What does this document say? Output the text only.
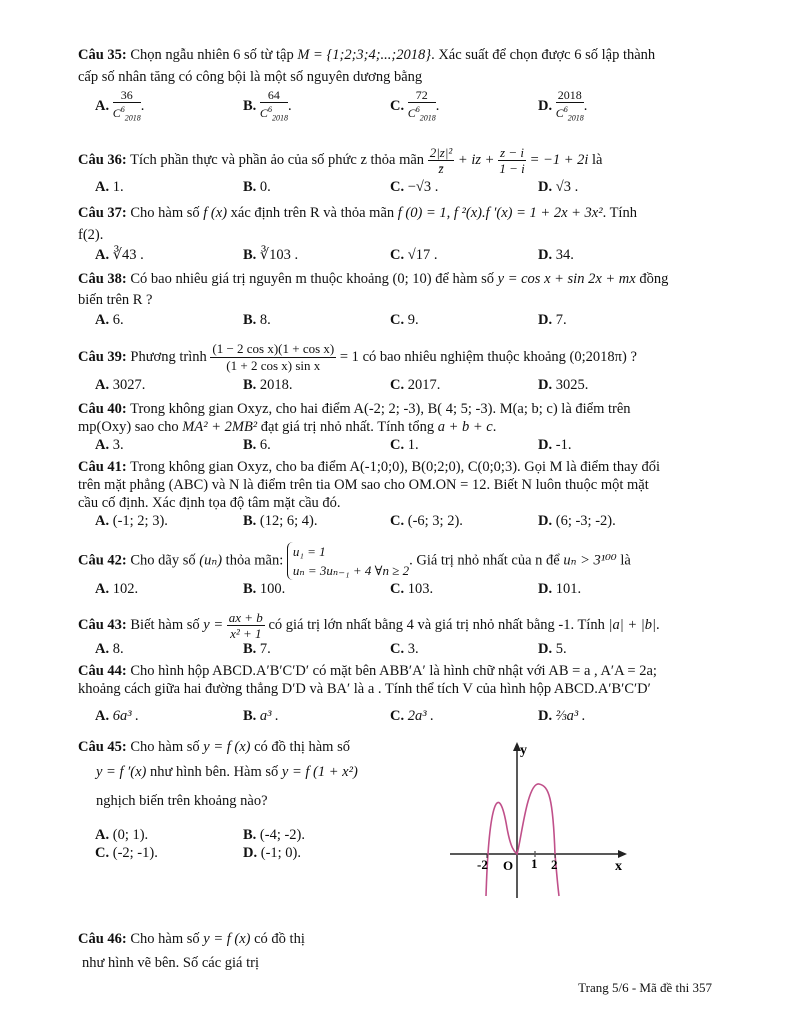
Câu 35: Chọn ngẫu nhiên 6 số từ tập M = {1;2;3;4;...;2018}. Xác suất để chọn được 6 số lập thành
cấp số nhân tăng có công bội là một số nguyên dương bằng
A. $\frac{36}{C^6_{2018}}$ .	B. $\frac{64}{C^6_{2018}}$ .	C. $\frac{72}{C^6_{2018}}$ .	D. $\frac{2018}{C^6_{2018}}$ .
Câu 36: Tích phần thực và phần ảo của số phức z thỏa mãn $\frac{\text{2|z|²}}{z̄}$ + iz + $\frac{z - i}{1 - i} = -1 + 2i$ là
A. 1.	B. 0.	C. −√3 .	D. √3 .
Câu 37: Cho hàm số f (x) xác định trên R và thỏa mãn f (0) = 1, f ²(x).f ′(x) = 1 + 2x + 3x². Tính
f(2).
A. ∛43 .	B. ∛103 .	C. √17 .	D. 34.
Câu 38: Có bao nhiêu giá trị nguyên m thuộc khoảng (0; 10) để hàm số y = cos x + sin 2x + mx đồng
biến trên R ?
A. 6.	B. 8.	C. 9.	D. 7.
Câu 39: Phương trình $\frac{\text{(1 − 2 cos x)(1 + cos x)}}{\text{(1 + 2 cos x) sin x}} = 1$ có bao nhiêu nghiệm thuộc khoảng (0;2018π) ?
A. 3027.	B. 2018.	C. 2017.	D. 3025.
Câu 40: Trong không gian Oxyz, cho hai điểm A(-2; 2; -3), B( 4; 5; -3). M(a; b; c) là điểm trên
mp(Oxy) sao cho MA² + 2MB² đạt giá trị nhỏ nhất. Tính tổng a + b + c.
A. 3.	B. 6.	C. 1.	D. -1.
Câu 41: Trong không gian Oxyz, cho ba điểm A(-1;0;0), B(0;2;0), C(0;0;3). Gọi M là điểm thay đổi
trên mặt phẳng (ABC) và N là điểm trên tia OM sao cho OM.ON = 12. Biết N luôn thuộc một mặt
cầu cố định. Xác định tọa độ tâm mặt cầu đó.
A. (-1; 2; 3).	B. (12; 6; 4).	C. (-6; 3; 2).	D. (6; -3; -2).
Câu 42: Cho dãy số (uₙ) thỏa mãn:
u₁ = 1
uₙ = 3uₙ₋₁ + 4 ∀n ≥ 2
. Giá trị nhỏ nhất của n để uₙ > 3¹⁰⁰ là
A. 102.	B. 100.	C. 103.	D. 101.
Câu 43: Biết hàm số $y = \frac{ax + b}{\text{x² + 1}}$ có giá trị lớn nhất bằng 4 và giá trị nhỏ nhất bằng -1. Tính |a| + |b|.
A. 8.	B. 7.	C. 3.	D. 5.
Câu 44: Cho hình hộp ABCD.A′B′C′D′ có mặt bên ABB′A′ là hình chữ nhật với AB = a , A′A = 2a;
khoảng cách giữa hai đường thẳng D′D và BA′ là a . Tính thể tích V của hình hộp ABCD.A′B′C′D′
A. 6a³ .	B. a³ .	C. 2a³ .	D. ⅔a³ .
Câu 45: Cho hàm số y = f (x) có đồ thị hàm số
y = f ′(x) như hình bên. Hàm số y = f (1 + x²)
nghịch biến trên khoảng nào?
A. (0; 1).	B. (-4; -2).
C. (-2; -1).	D. (-1; 0).
y
x
O
-2	1 2
Câu 46: Cho hàm số y = f (x) có đồ thị
như hình vẽ bên. Số các giá trị
Trang 5/6 - Mã đề thi 357
